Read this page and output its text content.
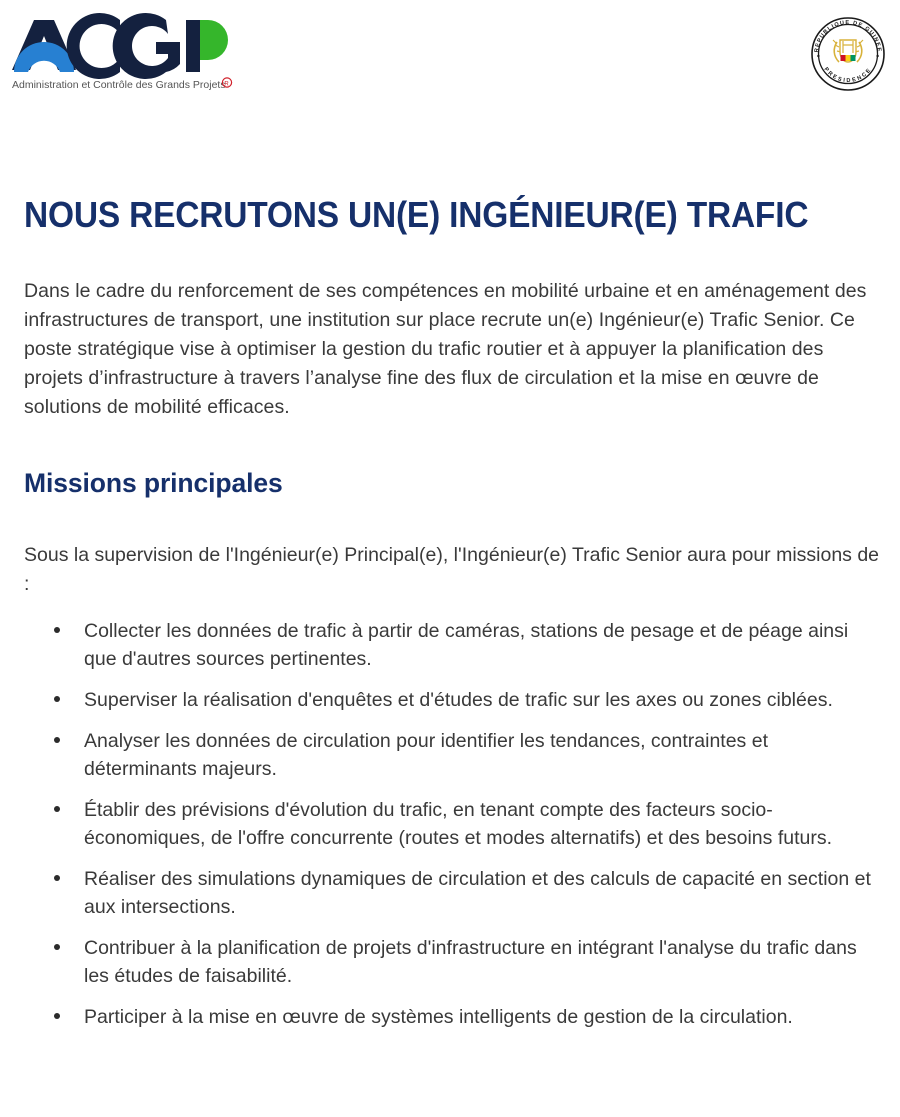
Administration et Contrôle des Grands Projets
R
REPUBLIQUE DE GUINEE
PRESIDENCE
NOUS RECRUTONS UN(E) INGÉNIEUR(E) TRAFIC

Dans le cadre du renforcement de ses compétences en mobilité urbaine et en aménagement des infrastructures de transport, une institution sur place recrute un(e) Ingénieur(e) Trafic Senior. Ce poste stratégique vise à optimiser la gestion du trafic routier et à appuyer la planification des projets d’infrastructure à travers l’analyse fine des flux de circulation et la mise en œuvre de solutions de mobilité efficaces.

Missions principales

Sous la supervision de l'Ingénieur(e) Principal(e), l'Ingénieur(e) Trafic Senior aura pour missions de :

Collecter les données de trafic à partir de caméras, stations de pesage et de péage ainsi que d'autres sources pertinentes.
Superviser la réalisation d'enquêtes et d'études de trafic sur les axes ou zones ciblées.
Analyser les données de circulation pour identifier les tendances, contraintes et déterminants majeurs.
Établir des prévisions d'évolution du trafic, en tenant compte des facteurs socio-économiques, de l'offre concurrente (routes et modes alternatifs) et des besoins futurs.
Réaliser des simulations dynamiques de circulation et des calculs de capacité en section et aux intersections.
Contribuer à la planification de projets d'infrastructure en intégrant l'analyse du trafic dans les études de faisabilité.
Participer à la mise en œuvre de systèmes intelligents de gestion de la circulation.
